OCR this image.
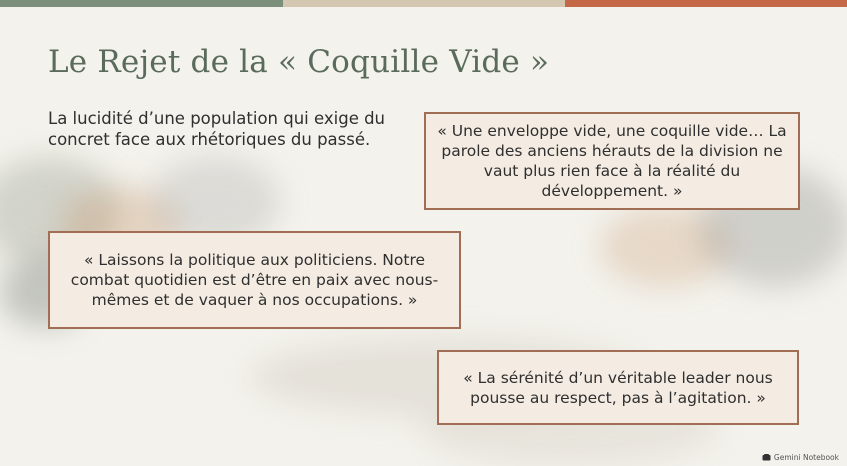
Le Rejet de la « Coquille Vide »

La lucidité d’une population qui exige du concret face aux rhétoriques du passé.	« Une enveloppe vide, une coquille vide… La parole des anciens hérauts de la division ne vaut plus rien face à la réalité du développement. »
« Laissons la politique aux politiciens. Notre combat quotidien est d’être en paix avec nous-mêmes et de vaquer à nos occupations. »
« La sérénité d’un véritable leader nous pousse au respect, pas à l’agitation. »
Gemini Notebook
